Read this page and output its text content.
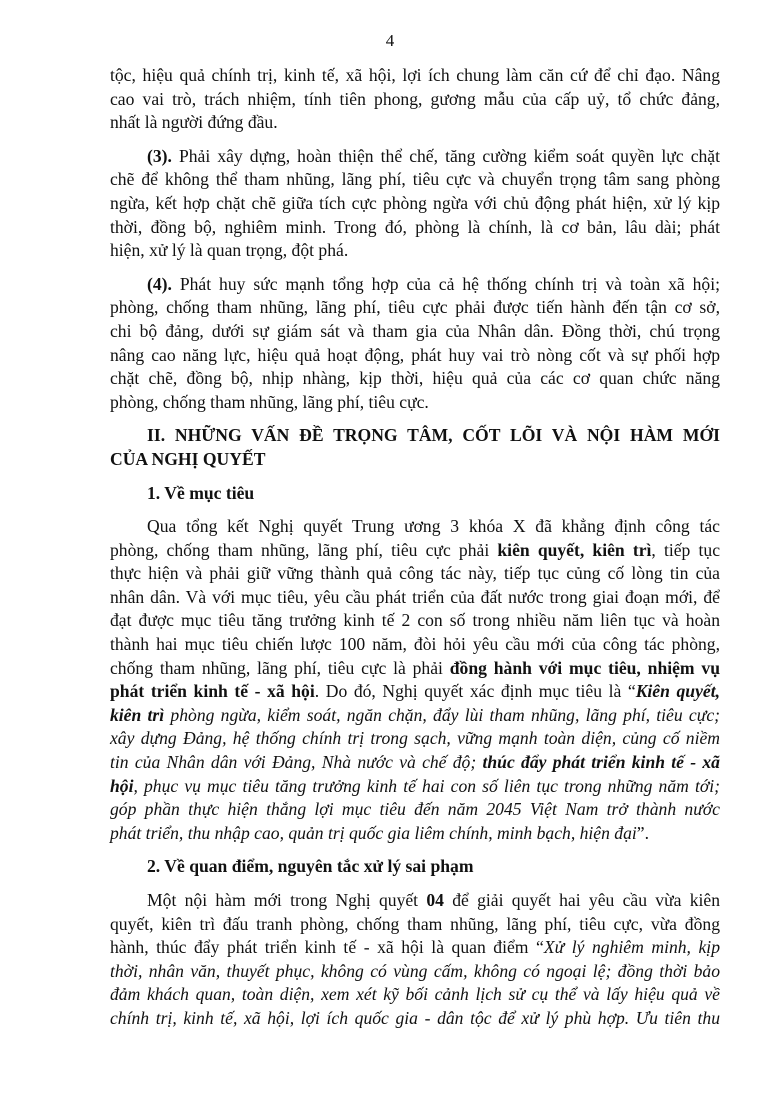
4
tộc, hiệu quả chính trị, kinh tế, xã hội, lợi ích chung làm căn cứ để chỉ đạo. Nâng
cao vai trò, trách nhiệm, tính tiên phong, gương mẫu của cấp uỷ, tổ chức đảng,
nhất là người đứng đầu.
(3). Phải xây dựng, hoàn thiện thể chế, tăng cường kiểm soát quyền lực chặt
chẽ để không thể tham nhũng, lãng phí, tiêu cực và chuyển trọng tâm sang phòng
ngừa, kết hợp chặt chẽ giữa tích cực phòng ngừa với chủ động phát hiện, xử lý kịp
thời, đồng bộ, nghiêm minh. Trong đó, phòng là chính, là cơ bản, lâu dài; phát
hiện, xử lý là quan trọng, đột phá.
(4). Phát huy sức mạnh tổng hợp của cả hệ thống chính trị và toàn xã hội;
phòng, chống tham nhũng, lãng phí, tiêu cực phải được tiến hành đến tận cơ sở,
chi bộ đảng, dưới sự giám sát và tham gia của Nhân dân. Đồng thời, chú trọng
nâng cao năng lực, hiệu quả hoạt động, phát huy vai trò nòng cốt và sự phối hợp
chặt chẽ, đồng bộ, nhịp nhàng, kịp thời, hiệu quả của các cơ quan chức năng
phòng, chống tham nhũng, lãng phí, tiêu cực.
II. NHỮNG VẤN ĐỀ TRỌNG TÂM, CỐT LÕI VÀ NỘI HÀM MỚI
CỦA NGHỊ QUYẾT
1. Về mục tiêu
Qua tổng kết Nghị quyết Trung ương 3 khóa X đã khẳng định công tác
phòng, chống tham nhũng, lãng phí, tiêu cực phải kiên quyết, kiên trì, tiếp tục
thực hiện và phải giữ vững thành quả công tác này, tiếp tục củng cố lòng tin của
nhân dân. Và với mục tiêu, yêu cầu phát triển của đất nước trong giai đoạn mới, để
đạt được mục tiêu tăng trưởng kinh tế 2 con số trong nhiều năm liên tục và hoàn
thành hai mục tiêu chiến lược 100 năm, đòi hỏi yêu cầu mới của công tác phòng,
chống tham nhũng, lãng phí, tiêu cực là phải đồng hành với mục tiêu, nhiệm vụ
phát triển kinh tế - xã hội. Do đó, Nghị quyết xác định mục tiêu là “Kiên quyết,
kiên trì phòng ngừa, kiểm soát, ngăn chặn, đẩy lùi tham nhũng, lãng phí, tiêu cực;
xây dựng Đảng, hệ thống chính trị trong sạch, vững mạnh toàn diện, củng cố niềm
tin của Nhân dân với Đảng, Nhà nước và chế độ; thúc đẩy phát triển kinh tế - xã
hội, phục vụ mục tiêu tăng trưởng kinh tế hai con số liên tục trong những năm tới;
góp phần thực hiện thắng lợi mục tiêu đến năm 2045 Việt Nam trở thành nước
phát triển, thu nhập cao, quản trị quốc gia liêm chính, minh bạch, hiện đại”.
2. Về quan điểm, nguyên tắc xử lý sai phạm
Một nội hàm mới trong Nghị quyết 04 để giải quyết hai yêu cầu vừa kiên
quyết, kiên trì đấu tranh phòng, chống tham nhũng, lãng phí, tiêu cực, vừa đồng
hành, thúc đẩy phát triển kinh tế - xã hội là quan điểm “Xử lý nghiêm minh, kịp
thời, nhân văn, thuyết phục, không có vùng cấm, không có ngoại lệ; đồng thời bảo
đảm khách quan, toàn diện, xem xét kỹ bối cảnh lịch sử cụ thể và lấy hiệu quả về
chính trị, kinh tế, xã hội, lợi ích quốc gia - dân tộc để xử lý phù hợp. Ưu tiên thu
